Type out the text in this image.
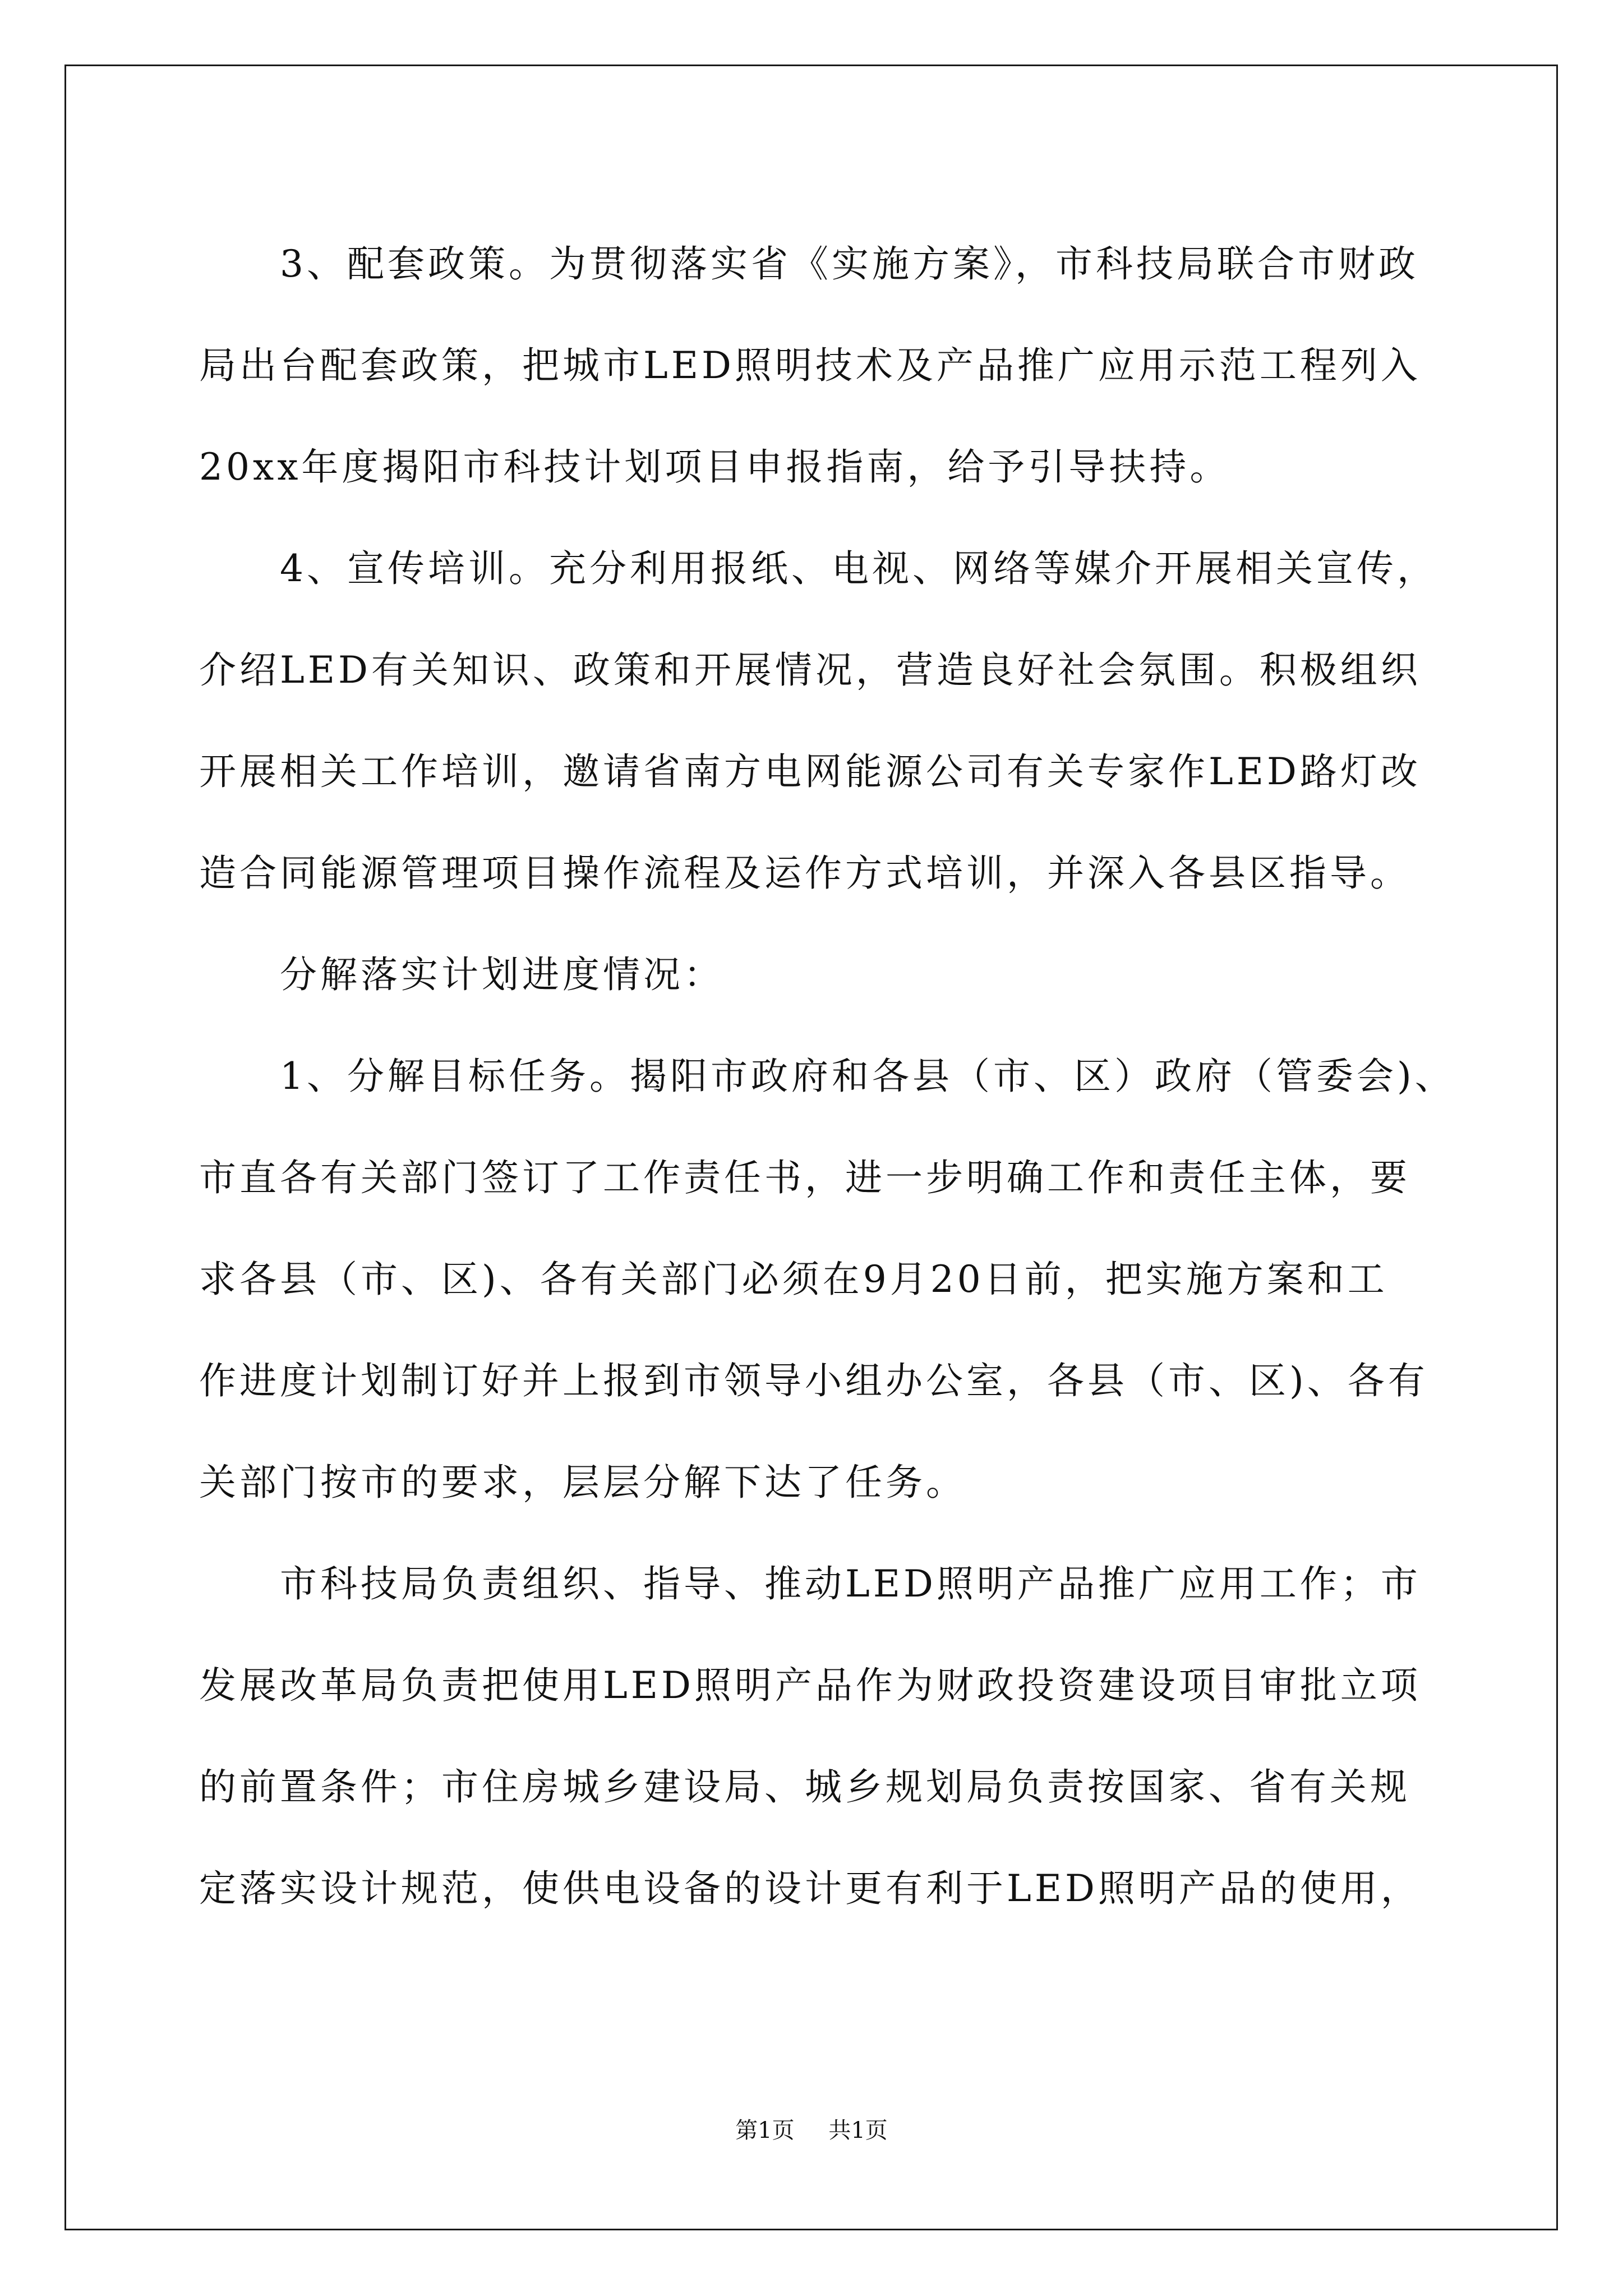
　　3、配套政策。为贯彻落实省《实施方案》，市科技局联合市财政

局出台配套政策，把城市LED照明技术及产品推广应用示范工程列入

20xx年度揭阳市科技计划项目申报指南，给予引导扶持。

　　4、宣传培训。充分利用报纸、电视、网络等媒介开展相关宣传，

介绍LED有关知识、政策和开展情况，营造良好社会氛围。积极组织

开展相关工作培训，邀请省南方电网能源公司有关专家作LED路灯改

造合同能源管理项目操作流程及运作方式培训，并深入各县区指导。

　　分解落实计划进度情况：

　　1、分解目标任务。揭阳市政府和各县（市、区）政府（管委会)、

市直各有关部门签订了工作责任书，进一步明确工作和责任主体，要

求各县（市、区)、各有关部门必须在9月20日前，把实施方案和工

作进度计划制订好并上报到市领导小组办公室，各县（市、区)、各有

关部门按市的要求，层层分解下达了任务。

　　市科技局负责组织、指导、推动LED照明产品推广应用工作；市

发展改革局负责把使用LED照明产品作为财政投资建设项目审批立项

的前置条件；市住房城乡建设局、城乡规划局负责按国家、省有关规

定落实设计规范，使供电设备的设计更有利于LED照明产品的使用，

第1页 共1页
